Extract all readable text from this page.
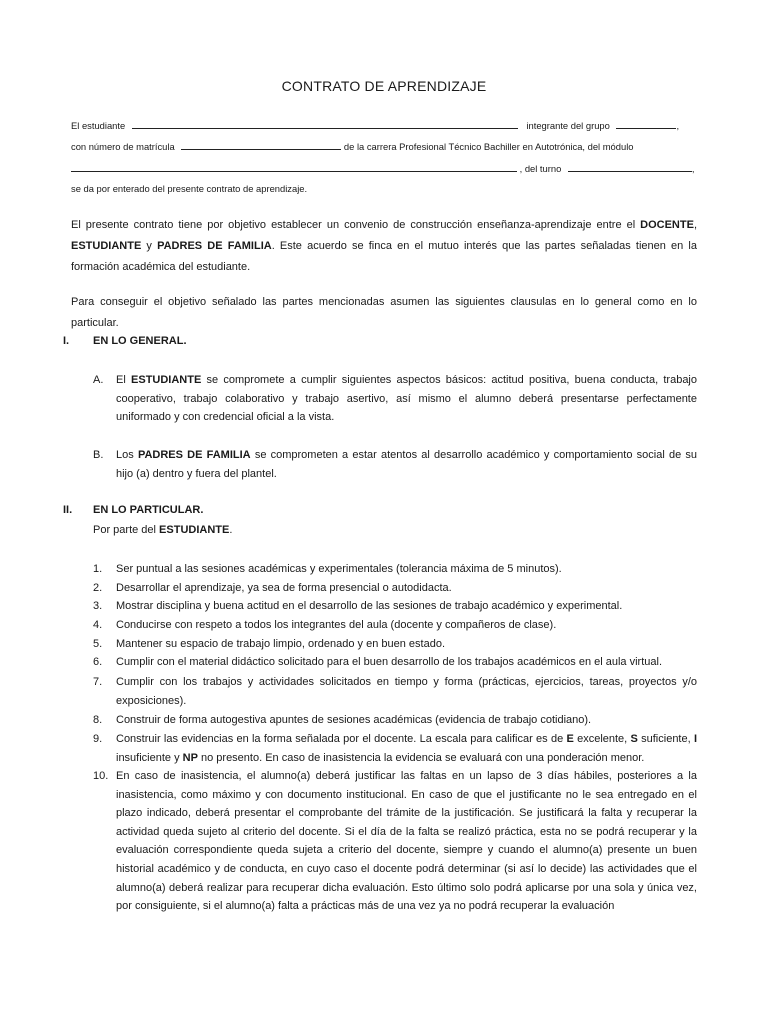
CONTRATO DE APRENDIZAJE
El estudiante	integrante del grupo	,
con número de matrícula	de la carrera Profesional Técnico Bachiller en Autotrónica, del módulo
, del turno	,
se da por enterado del presente contrato de aprendizaje.
El presente contrato tiene por objetivo establecer un convenio de construcción enseñanza-aprendizaje entre el DOCENTE, ESTUDIANTE y PADRES DE FAMILIA. Este acuerdo se finca en el mutuo interés que las partes señaladas tienen en la formación académica del estudiante.
Para conseguir el objetivo señalado las partes mencionadas asumen las siguientes clausulas en lo general como en lo particular.
I. EN LO GENERAL.
A. El ESTUDIANTE se compromete a cumplir siguientes aspectos básicos: actitud positiva, buena conducta, trabajo cooperativo, trabajo colaborativo y trabajo asertivo, así mismo el alumno deberá presentarse perfectamente uniformado y con credencial oficial a la vista.
B. Los PADRES DE FAMILIA se comprometen a estar atentos al desarrollo académico y comportamiento social de su hijo (a) dentro y fuera del plantel.
II. EN LO PARTICULAR.
Por parte del ESTUDIANTE.
1.	Ser puntual a las sesiones académicas y experimentales (tolerancia máxima de 5 minutos).
2.	Desarrollar el aprendizaje, ya sea de forma presencial o autodidacta.
3.	Mostrar disciplina y buena actitud en el desarrollo de las sesiones de trabajo académico y experimental.
4.	Conducirse con respeto a todos los integrantes del aula (docente y compañeros de clase).
5.	Mantener su espacio de trabajo limpio, ordenado y en buen estado.
6.	Cumplir con el material didáctico solicitado para el buen desarrollo de los trabajos académicos en el aula virtual.
7.	Cumplir con los trabajos y actividades solicitados en tiempo y forma (prácticas, ejercicios, tareas, proyectos y/o exposiciones).
8.	Construir de forma autogestiva apuntes de sesiones académicas (evidencia de trabajo cotidiano).
9.	Construir las evidencias en la forma señalada por el docente. La escala para calificar es de E excelente, S suficiente, I insuficiente y NP no presento. En caso de inasistencia la evidencia se evaluará con una ponderación menor.
10. En caso de inasistencia, el alumno(a) deberá justificar las faltas en un lapso de 3 días hábiles, posteriores a la inasistencia, como máximo y con documento institucional. En caso de que el justificante no le sea entregado en el plazo indicado, deberá presentar el comprobante del trámite de la justificación. Se justificará la falta y recuperar la actividad queda sujeto al criterio del docente. Si el día de la falta se realizó práctica, esta no se podrá recuperar y la evaluación correspondiente queda sujeta a criterio del docente, siempre y cuando el alumno(a) presente un buen historial académico y de conducta, en cuyo caso el docente podrá determinar (si así lo decide) las actividades que el alumno(a) deberá realizar para recuperar dicha evaluación. Esto último solo podrá aplicarse por una sola y única vez, por consiguiente, si el alumno(a) falta a prácticas más de una vez ya no podrá recuperar la evaluación
